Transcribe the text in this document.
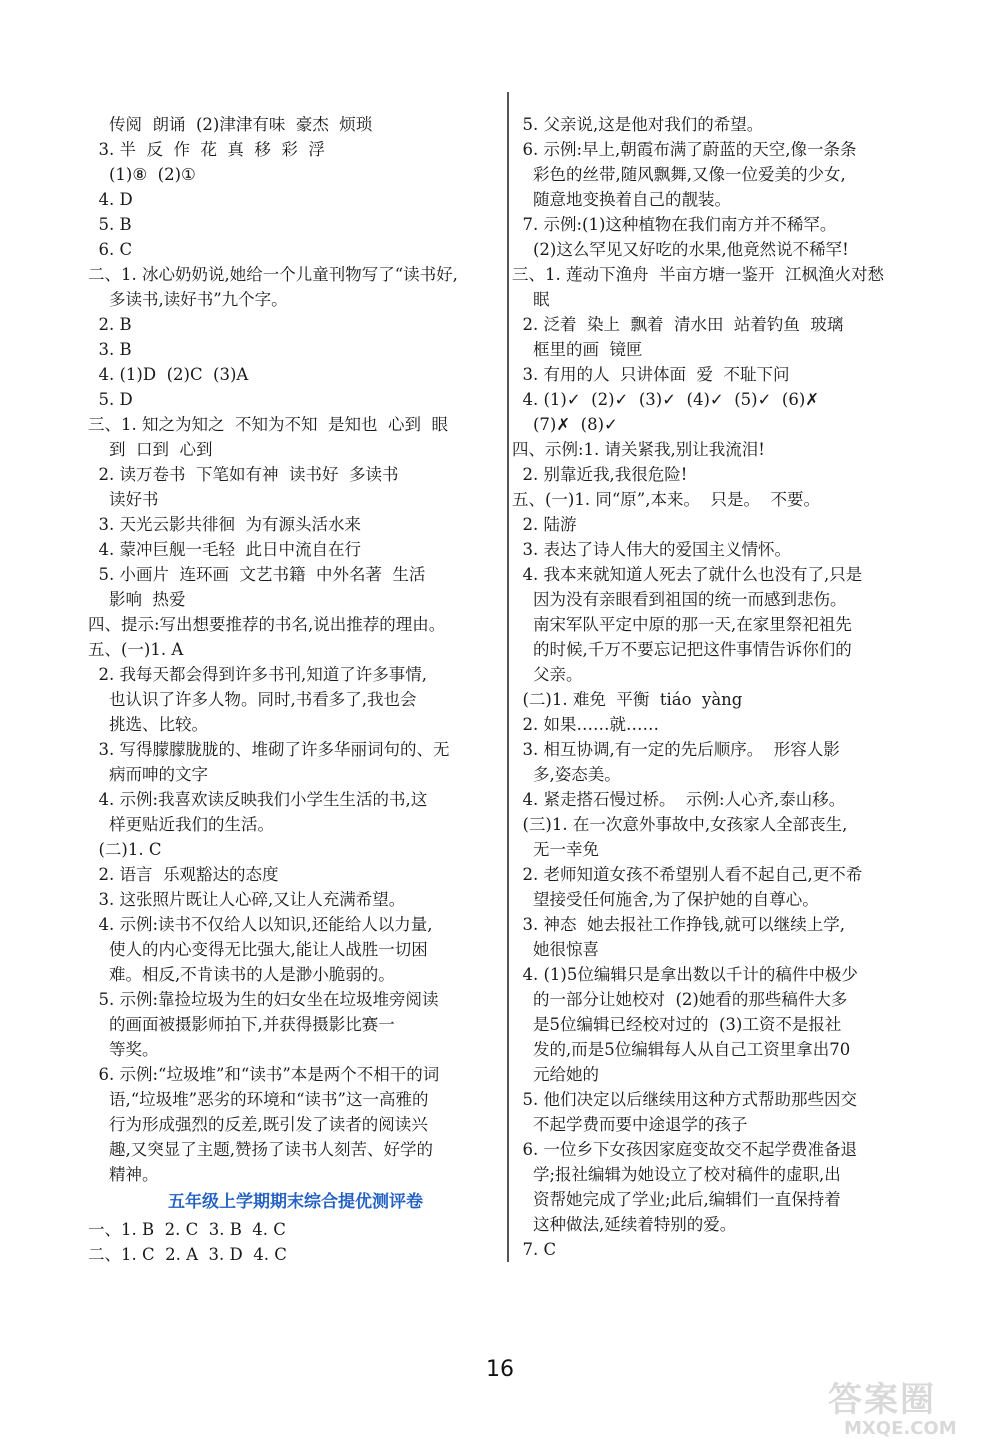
传阅  朗诵  (2)津津有味  豪杰  烦琐
3. 半  反  作  花  真  移  彩  浮
(1)⑧  (2)①
4. D
5. B
6. C
二、1. 冰心奶奶说,她给一个儿童刊物写了“读书好,
多读书,读好书”九个字。
2. B
3. B
4. (1)D  (2)C  (3)A
5. D
三、1. 知之为知之  不知为不知  是知也  心到  眼
到  口到  心到
2. 读万卷书  下笔如有神  读书好  多读书
读好书
3. 天光云影共徘徊  为有源头活水来
4. 蒙冲巨舰一毛轻  此日中流自在行
5. 小画片  连环画  文艺书籍  中外名著  生活
影响  热爱
四、提示:写出想要推荐的书名,说出推荐的理由。
五、(一)1. A
2. 我每天都会得到许多书刊,知道了许多事情,
也认识了许多人物。同时,书看多了,我也会
挑选、比较。
3. 写得朦朦胧胧的、堆砌了许多华丽词句的、无
病而呻的文字
4. 示例:我喜欢读反映我们小学生生活的书,这
样更贴近我们的生活。
(二)1. C
2. 语言  乐观豁达的态度
3. 这张照片既让人心碎,又让人充满希望。
4. 示例:读书不仅给人以知识,还能给人以力量,
使人的内心变得无比强大,能让人战胜一切困
难。相反,不肯读书的人是渺小脆弱的。
5. 示例:靠捡垃圾为生的妇女坐在垃圾堆旁阅读
的画面被摄影师拍下,并获得摄影比赛一
等奖。
6. 示例:“垃圾堆”和“读书”本是两个不相干的词
语,“垃圾堆”恶劣的环境和“读书”这一高雅的
行为形成强烈的反差,既引发了读者的阅读兴
趣,又突显了主题,赞扬了读书人刻苦、好学的
精神。
五年级上学期期末综合提优测评卷
一、1. B  2. C  3. B  4. C
二、1. C  2. A  3. D  4. C
5. 父亲说,这是他对我们的希望。
6. 示例:早上,朝霞布满了蔚蓝的天空,像一条条
彩色的丝带,随风飘舞,又像一位爱美的少女,
随意地变换着自己的靓装。
7. 示例:(1)这种植物在我们南方并不稀罕。
(2)这么罕见又好吃的水果,他竟然说不稀罕!
三、1. 莲动下渔舟  半亩方塘一鉴开  江枫渔火对愁
眠
2. 泛着  染上  飘着  清水田  站着钓鱼  玻璃
框里的画  镜匣
3. 有用的人  只讲体面  爱  不耻下问
4. (1)✓  (2)✓  (3)✓  (4)✓  (5)✓  (6)✗
(7)✗  (8)✓
四、示例:1. 请关紧我,别让我流泪!
2. 别靠近我,我很危险!
五、(一)1. 同“原”,本来。  只是。  不要。
2. 陆游
3. 表达了诗人伟大的爱国主义情怀。
4. 我本来就知道人死去了就什么也没有了,只是
因为没有亲眼看到祖国的统一而感到悲伤。
南宋军队平定中原的那一天,在家里祭祀祖先
的时候,千万不要忘记把这件事情告诉你们的
父亲。
(二)1. 难免  平衡  tiáo  yàng
2. 如果……就……
3. 相互协调,有一定的先后顺序。  形容人影
多,姿态美。
4. 紧走搭石慢过桥。  示例:人心齐,泰山移。
(三)1. 在一次意外事故中,女孩家人全部丧生,
无一幸免
2. 老师知道女孩不希望别人看不起自己,更不希
望接受任何施舍,为了保护她的自尊心。
3. 神态  她去报社工作挣钱,就可以继续上学,
她很惊喜
4. (1)5位编辑只是拿出数以千计的稿件中极少
的一部分让她校对  (2)她看的那些稿件大多
是5位编辑已经校对过的  (3)工资不是报社
发的,而是5位编辑每人从自己工资里拿出70
元给她的
5. 他们决定以后继续用这种方式帮助那些因交
不起学费而要中途退学的孩子
6. 一位乡下女孩因家庭变故交不起学费准备退
学;报社编辑为她设立了校对稿件的虚职,出
资帮她完成了学业;此后,编辑们一直保持着
这种做法,延续着特别的爱。
7. C
16
答案圈
MXQE.COM
